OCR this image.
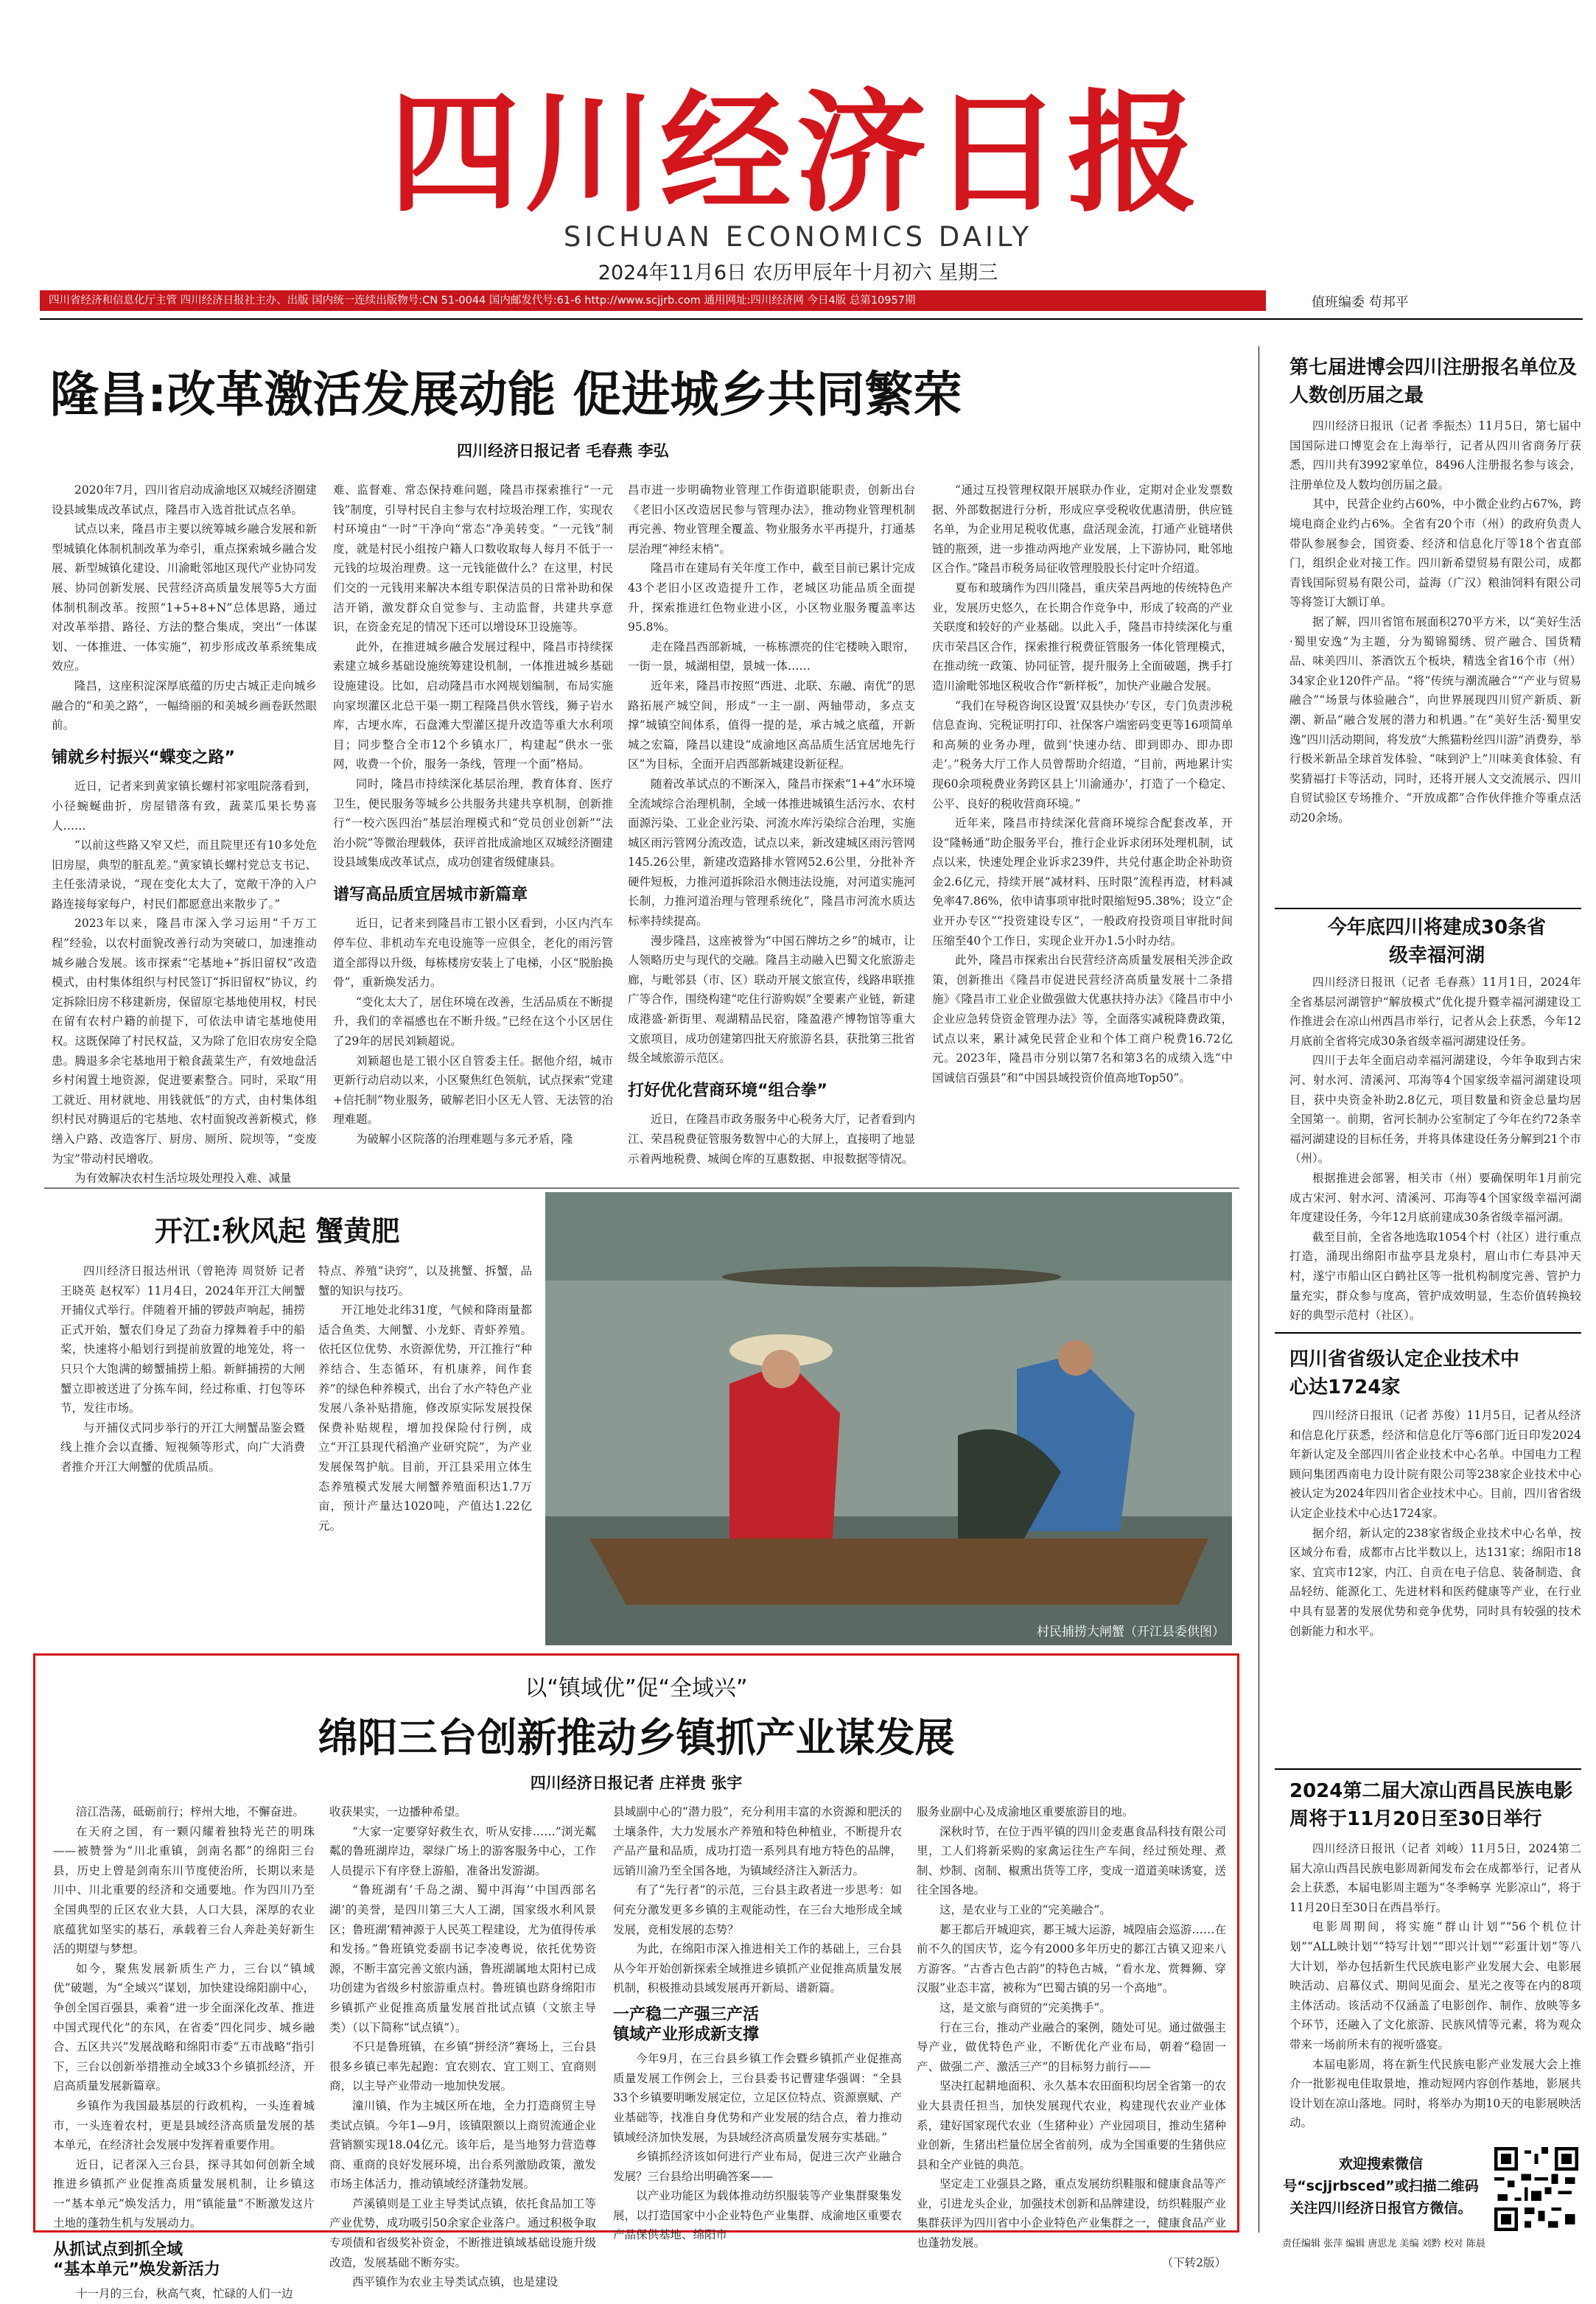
四川经济日报
SICHUAN ECONOMICS DAILY
2024年11月6日 农历甲辰年十月初六 星期三
四川省经济和信息化厅主管 四川经济日报社主办、出版 国内统一连续出版物号:CN 51-0044 国内邮发代号:61-6 http://www.scjjrb.com 通用网址:四川经济网 今日4版 总第10957期	值班编委 苟邦平
隆昌:改革激活发展动能 促进城乡共同繁荣
四川经济日报记者 毛春燕 李弘

2020年7月，四川省启动成渝地区双城经济圈建设县域集成改革试点，隆昌市入选首批试点名单。

试点以来，隆昌市主要以统筹城乡融合发展和新型城镇化体制机制改革为牵引，重点探索城乡融合发展、新型城镇化建设、川渝毗邻地区现代产业协同发展、协同创新发展、民营经济高质量发展等5大方面体制机制改革。按照“1+5+8+N”总体思路，通过对改革举措、路径、方法的整合集成，突出“一体谋划、一体推进、一体实施”，初步形成改革系统集成效应。

隆昌，这座积淀深厚底蕴的历史古城正走向城乡融合的“和美之路”，一幅绮丽的和美城乡画卷跃然眼前。

铺就乡村振兴“蝶变之路”

近日，记者来到黄家镇长螺村祁家咀院落看到，小径蜿蜒曲折，房屋错落有致，蔬菜瓜果长势喜人……

“以前这些路又窄又烂，而且院里还有10多处危旧房屋，典型的脏乱差。”黄家镇长螺村党总支书记、主任张清录说，“现在变化太大了，宽敞干净的入户路连接每家每户，村民们都愿意出来散步了。”

2023年以来，隆昌市深入学习运用“千万工程”经验，以农村面貌改善行动为突破口，加速推动城乡融合发展。该市探索“宅基地+”拆旧留权”改造模式，由村集体组织与村民签订“拆旧留权”协议，约定拆除旧房不移建新房，保留原宅基地使用权，村民在留有农村户籍的前提下，可依法申请宅基地使用权。这既保障了村民权益，又为除了危旧农房安全隐患。腾退多余宅基地用于粮食蔬菜生产，有效地盘活乡村闲置土地资源，促进要素整合。同时，采取“用工就近、用材就地、用钱就低”的方式，由村集体组织村民对腾退后的宅基地、农村面貌改善新模式，修缮入户路、改造客厅、厨房、厕所、院坝等，“变废为宝”带动村民增收。

为有效解决农村生活垃圾处理投入难、减量

难、监督难、常态保持难问题，隆昌市探索推行“一元钱”制度，引导村民自主参与农村垃圾治理工作，实现农村环境由“一时”干净向“常态”净美转变。“一元钱”制度，就是村民小组按户籍人口数收取每人每月不低于一元钱的垃圾治理费。这一元钱能做什么？在这里，村民们交的一元钱用来解决本组专职保洁员的日常补助和保洁开销，激发群众自觉参与、主动监督，共建共享意识，在资金充足的情况下还可以增设环卫设施等。

此外，在推进城乡融合发展过程中，隆昌市持续探索建立城乡基础设施统筹建设机制，一体推进城乡基础设施建设。比如，启动隆昌市水网规划编制，布局实施向家坝灌区北总干渠一期工程隆昌供水管线，狮子岩水库，古埂水库，石盘滩大型灌区提升改造等重大水利项目；同步整合全市12个乡镇水厂，构建起“供水一张网，收费一个价，服务一条线，管理一个面”格局。

同时，隆昌市持续深化基层治理，教育体育、医疗卫生，便民服务等城乡公共服务共建共享机制，创新推行“一校六医四治”基层治理模式和“党员创业创新”“法治小院”等微治理载体，获评首批成渝地区双城经济圈建设县域集成改革试点，成功创建省级健康县。

谱写高品质宜居城市新篇章

近日，记者来到隆昌市工银小区看到，小区内汽车停车位、非机动车充电设施等一应俱全，老化的雨污管道全部得以升级，每栋楼房安装上了电梯，小区“脱胎换骨”，重新焕发活力。

“变化太大了，居住环境在改善，生活品质在不断提升，我们的幸福感也在不断升级。”已经在这个小区居住了29年的居民刘颖超说。

刘颖超也是工银小区自管委主任。据他介绍，城市更新行动启动以来，小区聚焦红色领航，试点探索“党建+信托制”物业服务，破解老旧小区无人管、无法管的治理难题。

为破解小区院落的治理难题与多元矛盾，隆

昌市进一步明确物业管理工作街道职能职责，创新出台《老旧小区改造居民参与管理办法》，推动物业管理机制再完善、物业管理全覆盖、物业服务水平再提升，打通基层治理“神经末梢”。

隆昌市在建局有关年度工作中，截至目前已累计完成43个老旧小区改造提升工作，老城区功能品质全面提升，探索推进红色物业进小区，小区物业服务覆盖率达95.8%。

走在隆昌西部新城，一栋栋漂亮的住宅楼映入眼帘，一街一景，城湖相望，景城一体……

近年来，隆昌市按照“西进、北联、东融、南优”的思路拓展产城空间，形成“一主一副、两轴带动，多点支撑”城镇空间体系，值得一提的是，承古城之底蕴，开新城之宏篇，隆昌以建设“成渝地区高品质生活宜居地先行区”为目标，全面开启西部新城建设新征程。

随着改革试点的不断深入，隆昌市探索“1+4”水环境全流域综合治理机制，全域一体推进城镇生活污水、农村面源污染、工业企业污染、河流水库污染综合治理，实施城区雨污管网分流改造，试点以来，新改建城区雨污管网145.26公里，新建改造路排水管网52.6公里，分批补齐硬件短板，力推河道拆除沿水侧违法设施，对河道实施河长制，力推河道治理与管理系统化”，隆昌市河流水质达标率持续提高。

漫步隆昌，这座被誉为“中国石牌坊之乡”的城市，让人领略历史与现代的交融。隆昌主动融入巴蜀文化旅游走廊，与毗邻县（市、区）联动开展文旅宣传，线路串联推广等合作，围绕构建“吃住行游购娱”全要素产业链，新建成港盛·新街里、观湖精品民宿，隆盈港产博物馆等重大文旅项目，成功创建第四批天府旅游名县，获批第三批省级全域旅游示范区。

打好优化营商环境“组合拳”

近日，在隆昌市政务服务中心税务大厅，记者看到内江、荣昌税费征管服务数智中心的大屏上，直接明了地显示着两地税费、城闽仓库的互惠数据、申报数据等情况。

“通过互投管理权限开展联办作业，定期对企业发票数据、外部数据进行分析，形成应享受税收优惠清册，供应链名单，为企业用足税收优惠，盘活现金流，打通产业链堵供链的瓶颈，进一步推动两地产业发展，上下游协同，毗邻地区合作。”隆昌市税务局征收管理股股长付定叶介绍道。

夏布和玻璃作为四川隆昌，重庆荣昌两地的传统特色产业，发展历史悠久，在长期合作竞争中，形成了较高的产业关联度和较好的产业基础。以此入手，隆昌市持续深化与重庆市荣昌区合作，探索推行税费征管服务一体化管理模式，在推动统一政策、协同征管，提升服务上全面破题，携手打造川渝毗邻地区税收合作“新样板”，加快产业融合发展。

“我们在导税咨询区设置‘双县快办’专区，专门负责涉税信息查询、完税证明打印、社保客户端密码变更等16项简单和高频的业务办理，做到‘快速办结、即到即办、即办即走’。”税务大厅工作人员曾帮助介绍道，“目前，两地累计实现60余项税费业务跨区县上‘川渝通办’，打造了一个稳定、公平、良好的税收营商环境。”

近年来，隆昌市持续深化营商环境综合配套改革，开设“隆畅通”助企服务平台，推行企业诉求闭环处理机制，试点以来，快速处理企业诉求239件，共兑付惠企助企补助资金2.6亿元，持续开展“减材料、压时限”流程再造，材料减免率47.86%，依申请事项审批时限缩短95.38%；设立“企业开办专区”“投资建设专区”，一般政府投资项目审批时间压缩至40个工作日，实现企业开办1.5小时办结。

此外，隆昌市探索出台民营经济高质量发展相关涉企政策，创新推出《隆昌市促进民营经济高质量发展十二条措施》《隆昌市工业企业做强做大优惠扶持办法》《隆昌市中小企业应急转贷资金管理办法》等，全面落实减税降费政策，试点以来，累计减免民营企业和个体工商户税费16.72亿元。2023年，隆昌市分别以第7名和第3名的成绩入选“中国诚信百强县”和“中国县域投资价值高地Top50”。

开江:秋风起 蟹黄肥

四川经济日报达州讯（曾艳涛 周贤娇 记者 王晓英 赵权军）11月4日，2024年开江大闸蟹开捕仪式举行。伴随着开捕的锣鼓声响起，捕捞正式开始，蟹农们身足了劲奋力撑舞着手中的船桨，快速将小船划行到提前放置的地笼处，将一只只个大饱满的螃蟹捕捞上船。新鲜捕捞的大闸蟹立即被送进了分拣车间，经过称重、打包等环节，发往市场。

与开捕仪式同步举行的开江大闸蟹品鉴会暨线上推介会以直播、短视频等形式，向广大消费者推介开江大闸蟹的优质品质。

特点、养殖“诀窍”，以及挑蟹、拆蟹，品蟹的知识与技巧。

开江地处北纬31度，气候和降雨量都适合鱼类、大闸蟹、小龙虾、青虾养殖。依托区位优势、水资源优势，开江推行“种养结合、生态循环，有机康养，间作套养”的绿色种养模式，出台了水产特色产业发展八条补贴措施，修改原实际发展投保保费补贴规程，增加投保险付行例，成立“开江县现代稻渔产业研究院”，为产业发展保驾护航。目前，开江县采用立体生态养殖模式发展大闸蟹养殖面积达1.7万亩，预计产量达1020吨，产值达1.22亿元。

村民捕捞大闸蟹（开江县委供图）
以“镇域优”促“全域兴”
绵阳三台创新推动乡镇抓产业谋发展
四川经济日报记者 庄祥贵 张宇

涪江浩荡，砥砺前行；梓州大地，不懈奋进。

在天府之国，有一颗闪耀着独特光芒的明珠——被赞誉为“川北重镇，剑南名都”的绵阳三台县，历史上曾是剑南东川节度使治所，长期以来是川中、川北重要的经济和交通要地。作为四川乃至全国典型的丘区农业大县，人口大县，深厚的农业底蕴犹如坚实的基石，承载着三台人奔赴美好新生活的期望与梦想。

如今，聚焦发展新质生产力，三台以“镇域优”破题，为“全域兴”谋划，加快建设绵阳副中心，争创全国百强县，乘着“进一步全面深化改革、推进中国式现代化”的东风，在省委“四化同步、城乡融合、五区共兴”发展战略和绵阳市委“五市战略”指引下，三台以创新举措推动全域33个乡镇抓经济，开启高质量发展新篇章。

乡镇作为我国最基层的行政机构，一头连着城市，一头连着农村，更是县域经济高质量发展的基本单元，在经济社会发展中发挥着重要作用。

近日，记者深入三台县，探寻其如何创新全域推进乡镇抓产业促推高质量发展机制，让乡镇这一“基本单元”焕发活力，用“镇能量”不断激发这片土地的蓬勃生机与发展动力。

从抓试点到抓全域

“基本单元”焕发新活力

十一月的三台，秋高气爽，忙碌的人们一边

收获果实，一边播种希望。

“大家一定要穿好救生衣，听从安排……”浏光粼粼的鲁班湖岸边，翠绿广场上的游客服务中心，工作人员提示下有序登上游船，准备出发游湖。

“鲁班湖有‘千岛之湖、蜀中洱海’‘中国西部名湖’的美誉，是四川第三大人工湖，国家级水利风景区；鲁班湖‘精神源于人民英工程建设，尤为值得传承和发扬。”鲁班镇党委副书记李凌粤说，依托优势资源，不断丰富完善文旅内涵，鲁班湖属地太阳村已成功创建为省级乡村旅游重点村。鲁班镇也跻身绵阳市乡镇抓产业促推高质量发展首批试点镇（文旅主导类）（以下简称“试点镇”）。

不只是鲁班镇，在乡镇“拼经济”赛场上，三台县很多乡镇已率先起跑：宜农则农、宜工则工、宜商则商，以主导产业带动一地加快发展。

潼川镇，作为主城区所在地，全力打造商贸主导类试点镇。今年1—9月，该镇限额以上商贸流通企业营销额实现18.04亿元。该年后，是当地努力营造尊商、重商的良好发展环境，出台系列激励政策，激发市场主体活力，推动镇域经济蓬勃发展。

芦溪镇则是工业主导类试点镇，依托食品加工等产业优势，成功吸引50余家企业落户。通过积极争取专项债和省级奖补资金，不断推进镇域基础设施升级改造，发展基础不断夯实。

西平镇作为农业主导类试点镇，也是建设

县域副中心的“潜力股”，充分利用丰富的水资源和肥沃的土壤条件，大力发展水产养殖和特色种植业，不断提升农产品产量和品质，成功打造一系列具有地方特色的品牌，远销川渝乃至全国各地，为镇域经济注入新活力。

有了“先行者”的示范，三台县主政者进一步思考：如何充分激发更多乡镇的主观能动性，在三台大地形成全域发展，竞相发展的态势？

为此，在绵阳市深入推进相关工作的基础上，三台县从今年开始创新探索全域推进乡镇抓产业促推高质量发展机制，积极推动县域发展再开新局、谱新篇。

一产稳二产强三产活

镇域产业形成新支撑

今年9月，在三台县乡镇工作会暨乡镇抓产业促推高质量发展工作例会上，三台县委书记曹建华强调：“全县33个乡镇要明晰发展定位，立足区位特点、资源禀赋、产业基础等，找准自身优势和产业发展的结合点，着力推动镇域经济加快发展，为县域经济高质量发展夯实基础。”

乡镇抓经济该如何进行产业布局，促进三次产业融合发展？三台县给出明确答案——

以产业功能区为载体推动纺织服装等产业集群聚集发展，以打造国家中小企业特色产业集群、成渝地区重要农产品保供基地、绵阳市

服务业副中心及成渝地区重要旅游目的地。

深秋时节，在位于西平镇的四川金麦惠食品科技有限公司里，工人们将新采购的家禽运往生产车间，经过预处理、煮制、炒制、卤制、椒熏出货等工序，变成一道道美味诱宴，送往全国各地。

这，是农业与工业的“完美融合”。

郪王都后开城迎宾，郪王城大运游，城隍庙会巡游……在前不久的国庆节，迄今有2000多年历史的郪江古镇又迎来八方游客。“古香古色古韵”的特色古城，“看水龙、赏舞狮、穿汉服”业态丰富，被称为“巴蜀古镇的另一个高地”。

这，是文旅与商贸的“完美携手”。

行在三台，推动产业融合的案例，随处可见。通过做强主导产业，做优特色产业，不断优化产业布局，朝着“稳固一产、做强二产、激活三产”的目标努力前行——

坚决扛起耕地面积、永久基本农田面积均居全省第一的农业大县责任担当，加快发展现代农业，构建现代农业产业体系，建好国家现代农业（生猪种业）产业园项目，推动生猪种业创新，生猪出栏量位居全省前列，成为全国重要的生猪供应县和全产业链的典范。

坚定走工业强县之路，重点发展纺织鞋服和健康食品等产业，引进龙头企业，加强技术创新和品牌建设，纺织鞋服产业集群获评为四川省中小企业特色产业集群之一，健康食品产业也蓬勃发展。

（下转2版）

第七届进博会四川注册报名单位及人数创历届之最

四川经济日报讯（记者 季振杰）11月5日，第七届中国国际进口博览会在上海举行，记者从四川省商务厅获悉，四川共有3992家单位，8496人注册报名参与该会，注册单位及人数均创历届之最。

其中，民营企业约占60%，中小微企业约占67%，跨境电商企业约占6%。全省有20个市（州）的政府负责人带队参展参会，国资委、经济和信息化厅等18个省直部门，组织企业对接工作。四川新希望贸易有限公司，成都青钱国际贸易有限公司，益海（广汉）粮油饲料有限公司等将签订大额订单。

据了解，四川省馆布展面积270平方米，以“美好生活·蜀里安逸”为主题，分为蜀锦蜀绣、贸产融合、国货精品、味美四川、茶酒饮五个板块，精选全省16个市（州）34家企业120件产品。“将“传统与潮流融合”“产业与贸易融合”“场景与体验融合”，向世界展现四川贸产新质、新潮、新品“融合发展的潜力和机遇。”在“美好生活·蜀里安逸”四川活动期间，将发放“大熊猫粉丝四川游”消费券，举行极米新品全球首发体验、“味到沪上”川味美食体验、有奖猜福打卡等活动，同时，还将开展人文交流展示、四川自贸试验区专场推介、“开放成都”合作伙伴推介等重点活动20余场。

今年底四川将建成30条省级幸福河湖

四川经济日报讯（记者 毛春燕）11月1日，2024年全省基层河湖管护“解放模式”优化提升暨幸福河湖建设工作推进会在凉山州西昌市举行，记者从会上获悉，今年12月底前全省将完成30条省级幸福河湖建设任务。

四川于去年全面启动幸福河湖建设，今年争取到古宋河、射水河、清溪河、邛海等4个国家级幸福河湖建设项目，获中央资金补助2.8亿元，项目数量和资金总量均居全国第一。前期，省河长制办公室制定了今年在约72条幸福河湖建设的目标任务，并将具体建设任务分解到21个市（州）。

根据推进会部署，相关市（州）要确保明年1月前完成古宋河、射水河、清溪河、邛海等4个国家级幸福河湖年度建设任务，今年12月底前建成30条省级幸福河湖。

截至目前，全省各地选取1054个村（社区）进行重点打造，涌现出绵阳市盐亭县龙泉村，眉山市仁寿县冲天村，遂宁市船山区白鹤社区等一批机构制度完善、管护力量充实，群众参与度高，管护成效明显，生态价值转换较好的典型示范村（社区）。

四川省省级认定企业技术中心达1724家

四川经济日报讯（记者 苏俊）11月5日，记者从经济和信息化厅获悉，经济和信息化厅等6部门近日印发2024年新认定及全部四川省企业技术中心名单。中国电力工程顾问集团西南电力设计院有限公司等238家企业技术中心被认定为2024年四川省企业技术中心。目前，四川省省级认定企业技术中心达1724家。

据介绍，新认定的238家省级企业技术中心名单，按区域分布看，成都市占比半数以上，达131家；绵阳市18家、宜宾市12家，内江、自贡在电子信息、装备制造、食品轻纺、能源化工、先进材料和医药健康等产业，在行业中具有显著的发展优势和竞争优势，同时具有较强的技术创新能力和水平。

2024第二届大凉山西昌民族电影周将于11月20日至30日举行

四川经济日报讯（记者 刘峻）11月5日，2024第二届大凉山西昌民族电影周新闻发布会在成都举行，记者从会上获悉，本届电影周主题为“冬季畅享 光影凉山”，将于11月20日至30日在西昌举行。

电影周期间，将实施“群山计划”“56个机位计划”“ALL映计划”“特写计划”“即兴计划”“彩蛋计划”等八大计划，举办包括新生代民族电影产业发展大会、电影展映活动、启幕仪式、期间见面会、星光之夜等在内的8项主体活动。该活动不仅涵盖了电影创作、制作、放映等多个环节，还融入了文化旅游、民族风情等元素，将为观众带来一场前所未有的视听盛宴。

本届电影周，将在新生代民族电影产业发展大会上推介一批影视电佳取景地，推动短网内容创作基地，影展共设计划在凉山落地。同时，将举办为期10天的电影展映活动。

欢迎搜索微信号“scjjrbsced”或扫描二维码关注四川经济日报官方微信。
责任编辑 张萍 编辑 唐思龙 美编 刘黔 校对 陈晨
